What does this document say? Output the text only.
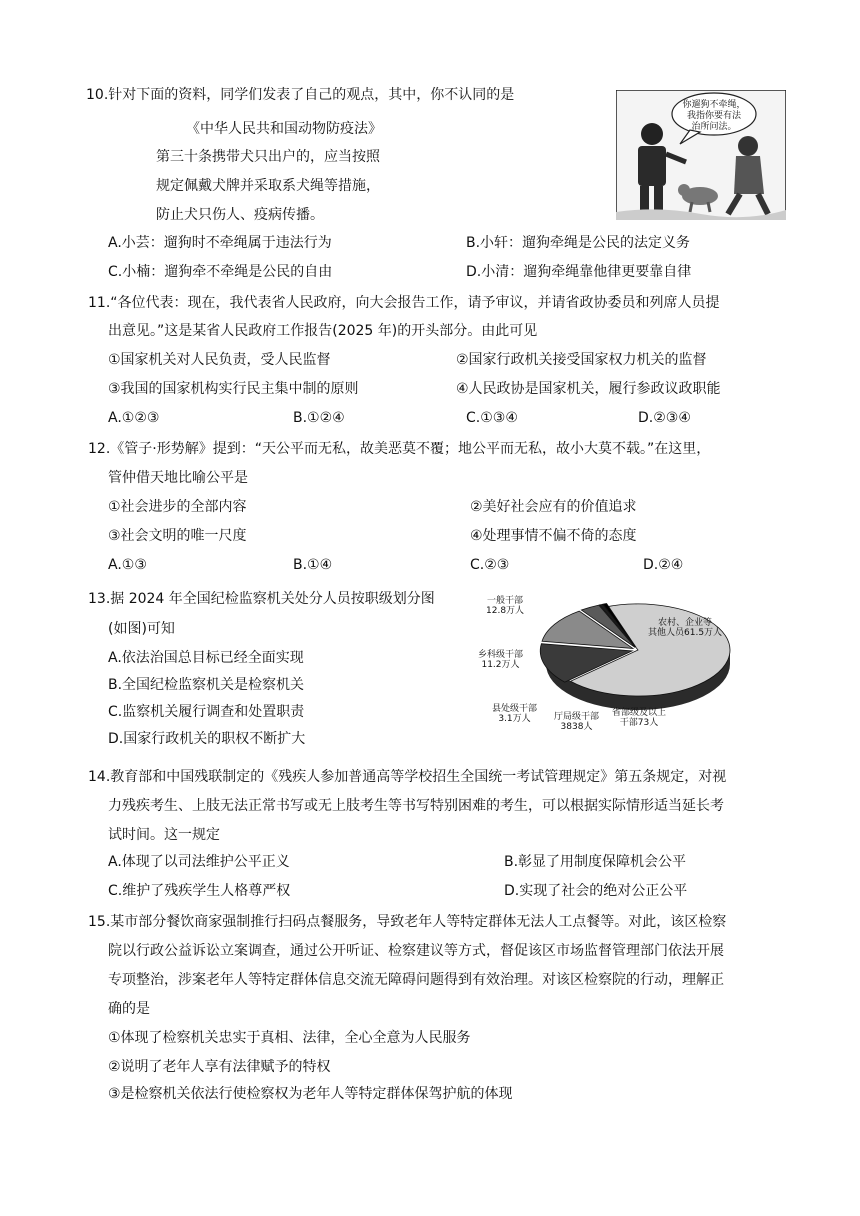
10.针对下面的资料，同学们发表了自己的观点，其中，你不认同的是
《中华人民共和国动物防疫法》
第三十条携带犬只出户的，应当按照
规定佩戴犬牌并采取系犬绳等措施，
防止犬只伤人、疫病传播。
你遛狗不牵绳，
我指你要有法
治所问法。
A.小芸：遛狗时不牵绳属于违法行为	B.小轩：遛狗牵绳是公民的法定义务
C.小楠：遛狗牵不牵绳是公民的自由	D.小清：遛狗牵绳靠他律更要靠自律
11.“各位代表：现在，我代表省人民政府，向大会报告工作，请予审议，并请省政协委员和列席人员提
出意见。”这是某省人民政府工作报告(2025 年)的开头部分。由此可见
①国家机关对人民负责，受人民监督	②国家行政机关接受国家权力机关的监督
③我国的国家机构实行民主集中制的原则	④人民政协是国家机关，履行参政议政职能
A.①②③	B.①②④	C.①③④	D.②③④
12.《管子·形势解》提到：“天公平而无私，故美恶莫不覆；地公平而无私，故小大莫不载。”在这里，
管仲借天地比喻公平是
①社会进步的全部内容	②美好社会应有的价值追求
③社会文明的唯一尺度	④处理事情不偏不倚的态度
A.①③	B.①④	C.②③	D.②④
13.据 2024 年全国纪检监察机关处分人员按职级划分图
(如图)可知
A.依法治国总目标已经全面实现
B.全国纪检监察机关是检察机关
C.监察机关履行调查和处置职责
D.国家行政机关的职权不断扩大
一般干部
12.8万人
农村、企业等
其他人员61.5万人
乡科级干部
11.2万人
县处级干部
3.1万人	厅局级干部
3838人
省部级及以上
干部73人
14.教育部和中国残联制定的《残疾人参加普通高等学校招生全国统一考试管理规定》第五条规定，对视
力残疾考生、上肢无法正常书写或无上肢考生等书写特别困难的考生，可以根据实际情形适当延长考
试时间。这一规定
A.体现了以司法维护公平正义	B.彰显了用制度保障机会公平
C.维护了残疾学生人格尊严权	D.实现了社会的绝对公正公平
15.某市部分餐饮商家强制推行扫码点餐服务，导致老年人等特定群体无法人工点餐等。对此，该区检察
院以行政公益诉讼立案调查，通过公开听证、检察建议等方式，督促该区市场监督管理部门依法开展
专项整治，涉案老年人等特定群体信息交流无障碍问题得到有效治理。对该区检察院的行动，理解正
确的是
①体现了检察机关忠实于真相、法律，全心全意为人民服务
②说明了老年人享有法律赋予的特权
③是检察机关依法行使检察权为老年人等特定群体保驾护航的体现
